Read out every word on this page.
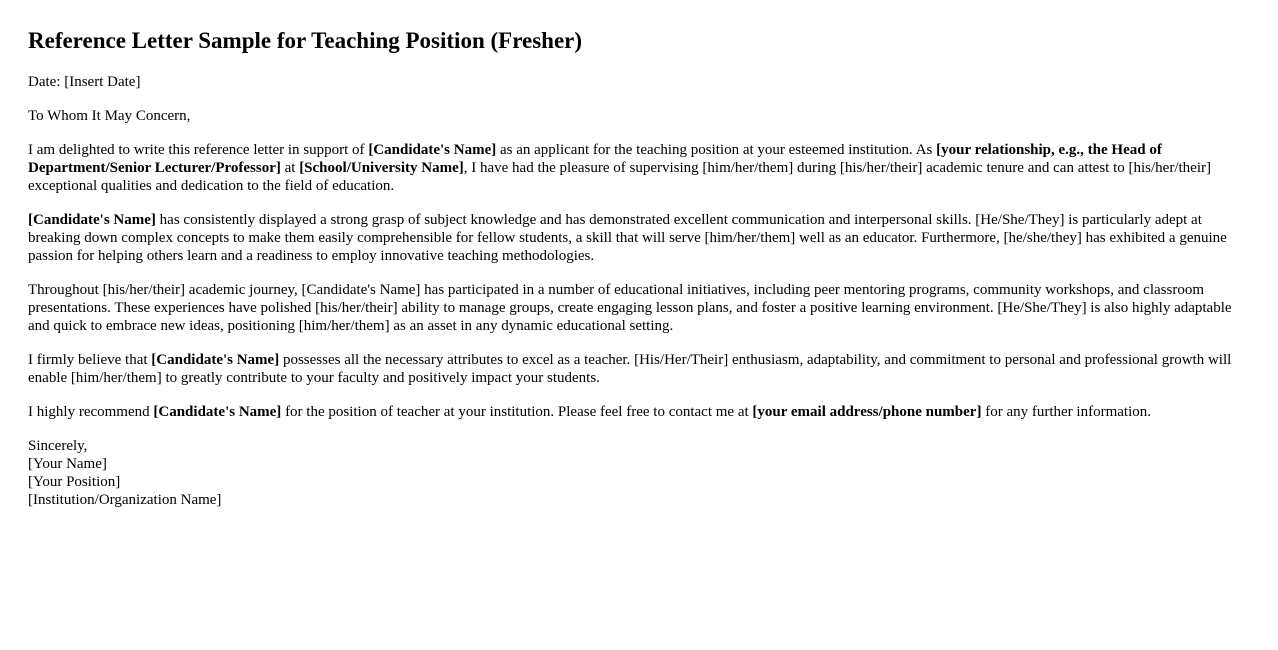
Reference Letter Sample for Teaching Position (Fresher)

Date: [Insert Date]

To Whom It May Concern,

I am delighted to write this reference letter in support of [Candidate's Name] as an applicant for the teaching position at your esteemed institution. As [your relationship, e.g., the Head of Department/Senior Lecturer/Professor] at [School/University Name], I have had the pleasure of supervising [him/her/them] during [his/her/their] academic tenure and can attest to [his/her/their] exceptional qualities and dedication to the field of education.

[Candidate's Name] has consistently displayed a strong grasp of subject knowledge and has demonstrated excellent communication and interpersonal skills. [He/She/They] is particularly adept at breaking down complex concepts to make them easily comprehensible for fellow students, a skill that will serve [him/her/them] well as an educator. Furthermore, [he/she/they] has exhibited a genuine passion for helping others learn and a readiness to employ innovative teaching methodologies.

Throughout [his/her/their] academic journey, [Candidate's Name] has participated in a number of educational initiatives, including peer mentoring programs, community workshops, and classroom presentations. These experiences have polished [his/her/their] ability to manage groups, create engaging lesson plans, and foster a positive learning environment. [He/She/They] is also highly adaptable and quick to embrace new ideas, positioning [him/her/them] as an asset in any dynamic educational setting.

I firmly believe that [Candidate's Name] possesses all the necessary attributes to excel as a teacher. [His/Her/Their] enthusiasm, adaptability, and commitment to personal and professional growth will enable [him/her/them] to greatly contribute to your faculty and positively impact your students.

I highly recommend [Candidate's Name] for the position of teacher at your institution. Please feel free to contact me at [your email address/phone number] for any further information.

Sincerely,
[Your Name]
[Your Position]
[Institution/Organization Name]
